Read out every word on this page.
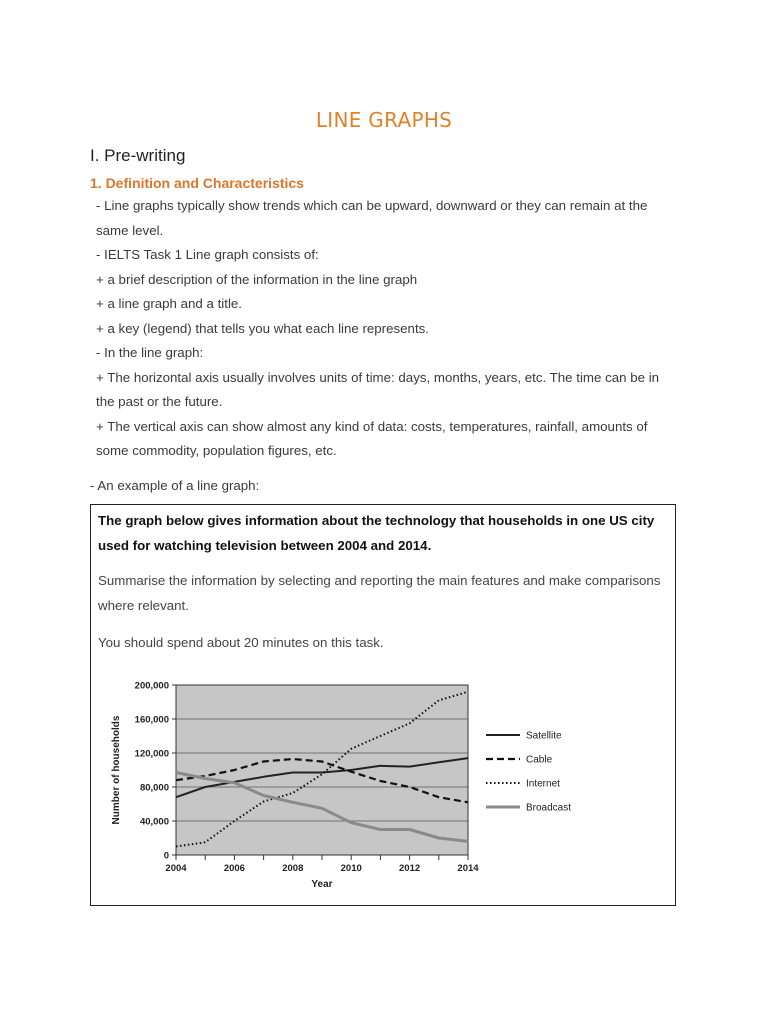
LINE GRAPHS
I. Pre-writing
1. Definition and Characteristics

- Line graphs typically show trends which can be upward, downward or they can remain at the same level.

- IELTS Task 1 Line graph consists of:

+ a brief description of the information in the line graph

+ a line graph and a title.

+ a key (legend) that tells you what each line represents.

- In the line graph:

+ The horizontal axis usually involves units of time: days, months, years, etc. The time can be in the past or the future.

+ The vertical axis can show almost any kind of data: costs, temperatures, rainfall, amounts of some commodity, population figures, etc.

- An example of a line graph:
The graph below gives information about the technology that households in one US city used for watching television between 2004 and 2014.
Summarise the information by selecting and reporting the main features and make comparisons where relevant.
You should spend about 20 minutes on this task.
0
40,000
80,000
120,000
160,000
200,000
2004	2006	2008	2010	2012	2014
Year
Number of households	Satellite
Cable
Internet
Broadcast
